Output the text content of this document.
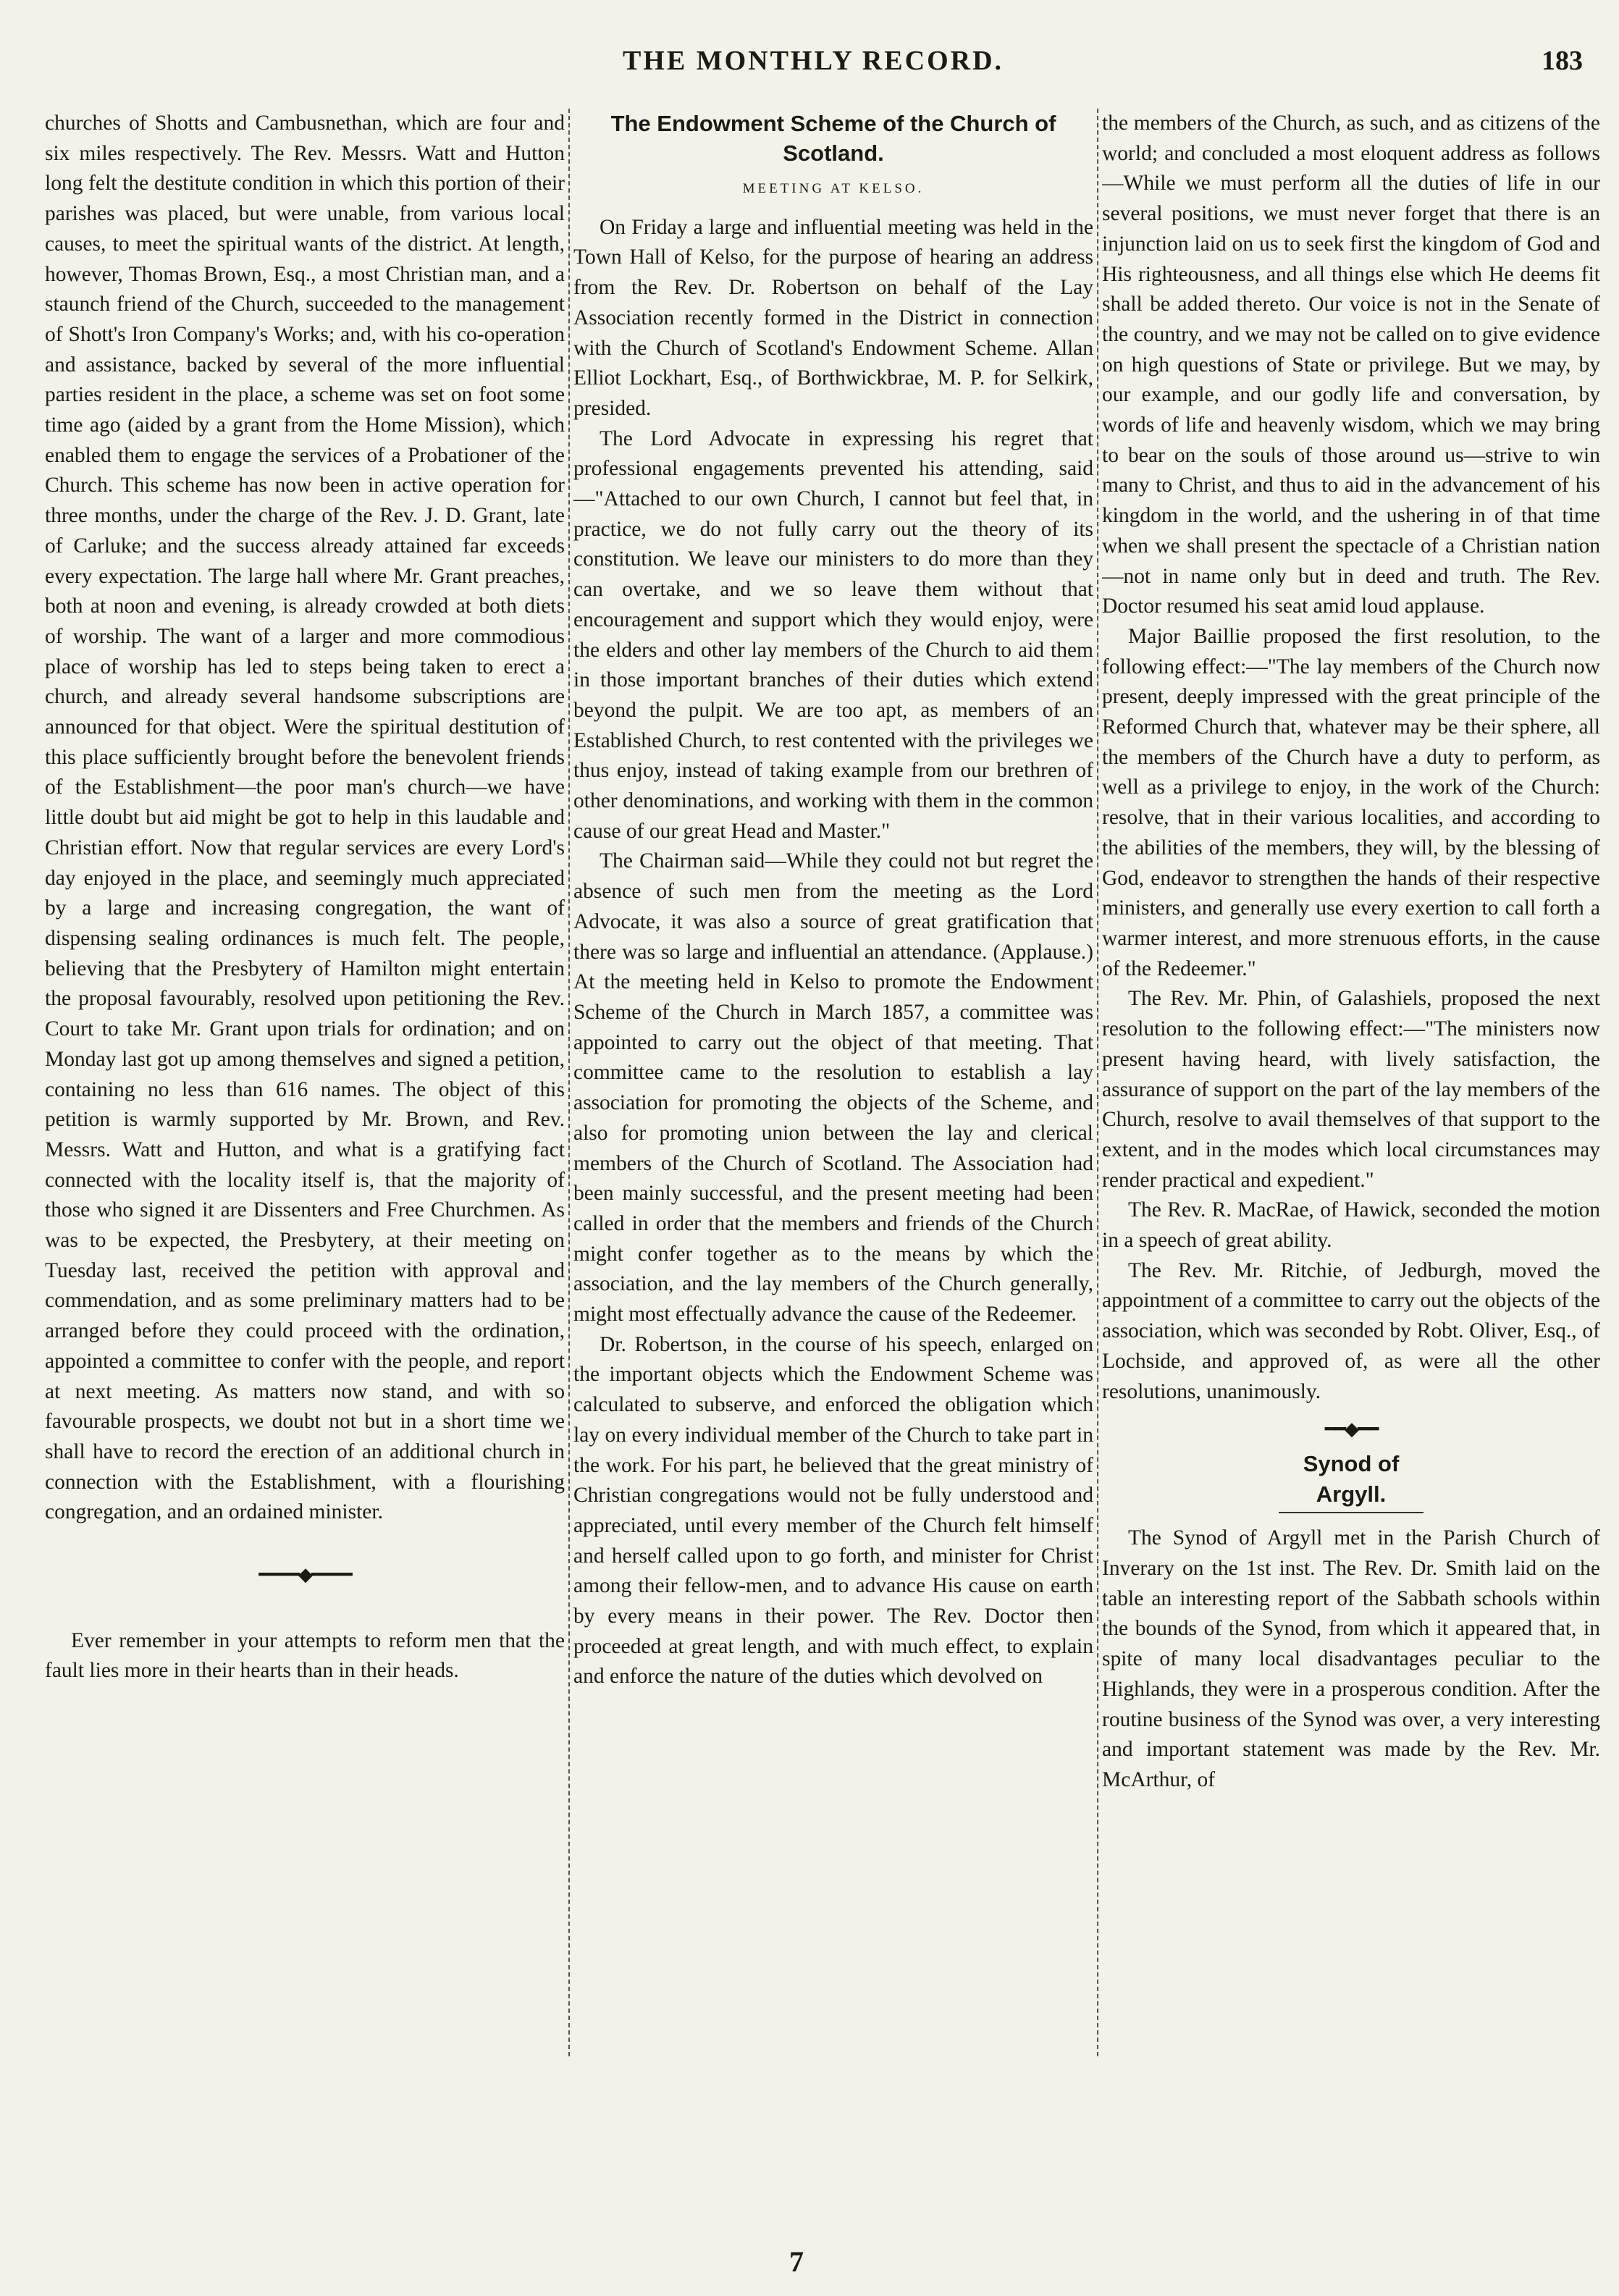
THE MONTHLY RECORD.	183

churches of Shotts and Cambusnethan, which are four and six miles respectively. The Rev. Messrs. Watt and Hutton long felt the destitute condition in which this portion of their parishes was placed, but were unable, from various local causes, to meet the spiritual wants of the district. At length, however, Thomas Brown, Esq., a most Christian man, and a staunch friend of the Church, succeeded to the management of Shott's Iron Company's Works; and, with his co-operation and assistance, backed by several of the more influential parties resident in the place, a scheme was set on foot some time ago (aided by a grant from the Home Mission), which enabled them to engage the services of a Probationer of the Church. This scheme has now been in active operation for three months, under the charge of the Rev. J. D. Grant, late of Carluke; and the success already attained far exceeds every expectation. The large hall where Mr. Grant preaches, both at noon and evening, is already crowded at both diets of worship. The want of a larger and more commodious place of worship has led to steps being taken to erect a church, and already several handsome subscriptions are announced for that object. Were the spiritual destitution of this place sufficiently brought before the benevolent friends of the Establishment—the poor man's church—we have little doubt but aid might be got to help in this laudable and Christian effort. Now that regular services are every Lord's day enjoyed in the place, and seemingly much appreciated by a large and increasing congregation, the want of dispensing sealing ordinances is much felt. The people, believing that the Presbytery of Hamilton might entertain the proposal favourably, resolved upon petitioning the Rev. Court to take Mr. Grant upon trials for ordination; and on Monday last got up among themselves and signed a petition, containing no less than 616 names. The object of this petition is warmly supported by Mr. Brown, and Rev. Messrs. Watt and Hutton, and what is a gratifying fact connected with the locality itself is, that the majority of those who signed it are Dissenters and Free Churchmen. As was to be expected, the Presbytery, at their meeting on Tuesday last, received the petition with approval and commendation, and as some preliminary matters had to be arranged before they could proceed with the ordination, appointed a committee to confer with the people, and report at next meeting. As matters now stand, and with so favourable prospects, we doubt not but in a short time we shall have to record the erection of an additional church in connection with the Establishment, with a flourishing congregation, and an ordained minister.

━━━━◆━━━━

Ever remember in your attempts to reform men that the fault lies more in their hearts than in their heads.

The Endowment Scheme of the Church of Scotland.
MEETING AT KELSO.

On Friday a large and influential meeting was held in the Town Hall of Kelso, for the purpose of hearing an address from the Rev. Dr. Robertson on behalf of the Lay Association recently formed in the District in connection with the Church of Scotland's Endowment Scheme. Allan Elliot Lockhart, Esq., of Borthwickbrae, M. P. for Selkirk, presided.

The Lord Advocate in expressing his regret that professional engagements prevented his attending, said—"Attached to our own Church, I cannot but feel that, in practice, we do not fully carry out the theory of its constitution. We leave our ministers to do more than they can overtake, and we so leave them without that encouragement and support which they would enjoy, were the elders and other lay members of the Church to aid them in those important branches of their duties which extend beyond the pulpit. We are too apt, as members of an Established Church, to rest contented with the privileges we thus enjoy, instead of taking example from our brethren of other denominations, and working with them in the common cause of our great Head and Master."

The Chairman said—While they could not but regret the absence of such men from the meeting as the Lord Advocate, it was also a source of great gratification that there was so large and influential an attendance. (Applause.) At the meeting held in Kelso to promote the Endowment Scheme of the Church in March 1857, a committee was appointed to carry out the object of that meeting. That committee came to the resolution to establish a lay association for promoting the objects of the Scheme, and also for promoting union between the lay and clerical members of the Church of Scotland. The Association had been mainly successful, and the present meeting had been called in order that the members and friends of the Church might confer together as to the means by which the association, and the lay members of the Church generally, might most effectually advance the cause of the Redeemer.

Dr. Robertson, in the course of his speech, enlarged on the important objects which the Endowment Scheme was calculated to subserve, and enforced the obligation which lay on every individual member of the Church to take part in the work. For his part, he believed that the great ministry of Christian congregations would not be fully understood and appreciated, until every member of the Church felt himself and herself called upon to go forth, and minister for Christ among their fellow-men, and to advance His cause on earth by every means in their power. The Rev. Doctor then proceeded at great length, and with much effect, to explain and enforce the nature of the duties which devolved on

the members of the Church, as such, and as citizens of the world; and concluded a most eloquent address as follows—While we must perform all the duties of life in our several positions, we must never forget that there is an injunction laid on us to seek first the kingdom of God and His righteousness, and all things else which He deems fit shall be added thereto. Our voice is not in the Senate of the country, and we may not be called on to give evidence on high questions of State or privilege. But we may, by our example, and our godly life and conversation, by words of life and heavenly wisdom, which we may bring to bear on the souls of those around us—strive to win many to Christ, and thus to aid in the advancement of his kingdom in the world, and the ushering in of that time when we shall present the spectacle of a Christian nation—not in name only but in deed and truth. The Rev. Doctor resumed his seat amid loud applause.

Major Baillie proposed the first resolution, to the following effect:—"The lay members of the Church now present, deeply impressed with the great principle of the Reformed Church that, whatever may be their sphere, all the members of the Church have a duty to perform, as well as a privilege to enjoy, in the work of the Church: resolve, that in their various localities, and according to the abilities of the members, they will, by the blessing of God, endeavor to strengthen the hands of their respective ministers, and generally use every exertion to call forth a warmer interest, and more strenuous efforts, in the cause of the Redeemer."

The Rev. Mr. Phin, of Galashiels, proposed the next resolution to the following effect:—"The ministers now present having heard, with lively satisfaction, the assurance of support on the part of the lay members of the Church, resolve to avail themselves of that support to the extent, and in the modes which local circumstances may render practical and expedient."

The Rev. R. MacRae, of Hawick, seconded the motion in a speech of great ability.

The Rev. Mr. Ritchie, of Jedburgh, moved the appointment of a committee to carry out the objects of the association, which was seconded by Robt. Oliver, Esq., of Lochside, and approved of, as were all the other resolutions, unanimously.

━━◆━━
Synod of Argyll.

The Synod of Argyll met in the Parish Church of Inverary on the 1st inst. The Rev. Dr. Smith laid on the table an interesting report of the Sabbath schools within the bounds of the Synod, from which it appeared that, in spite of many local disadvantages peculiar to the Highlands, they were in a prosperous condition. After the routine business of the Synod was over, a very interesting and important statement was made by the Rev. Mr. McArthur, of

7
